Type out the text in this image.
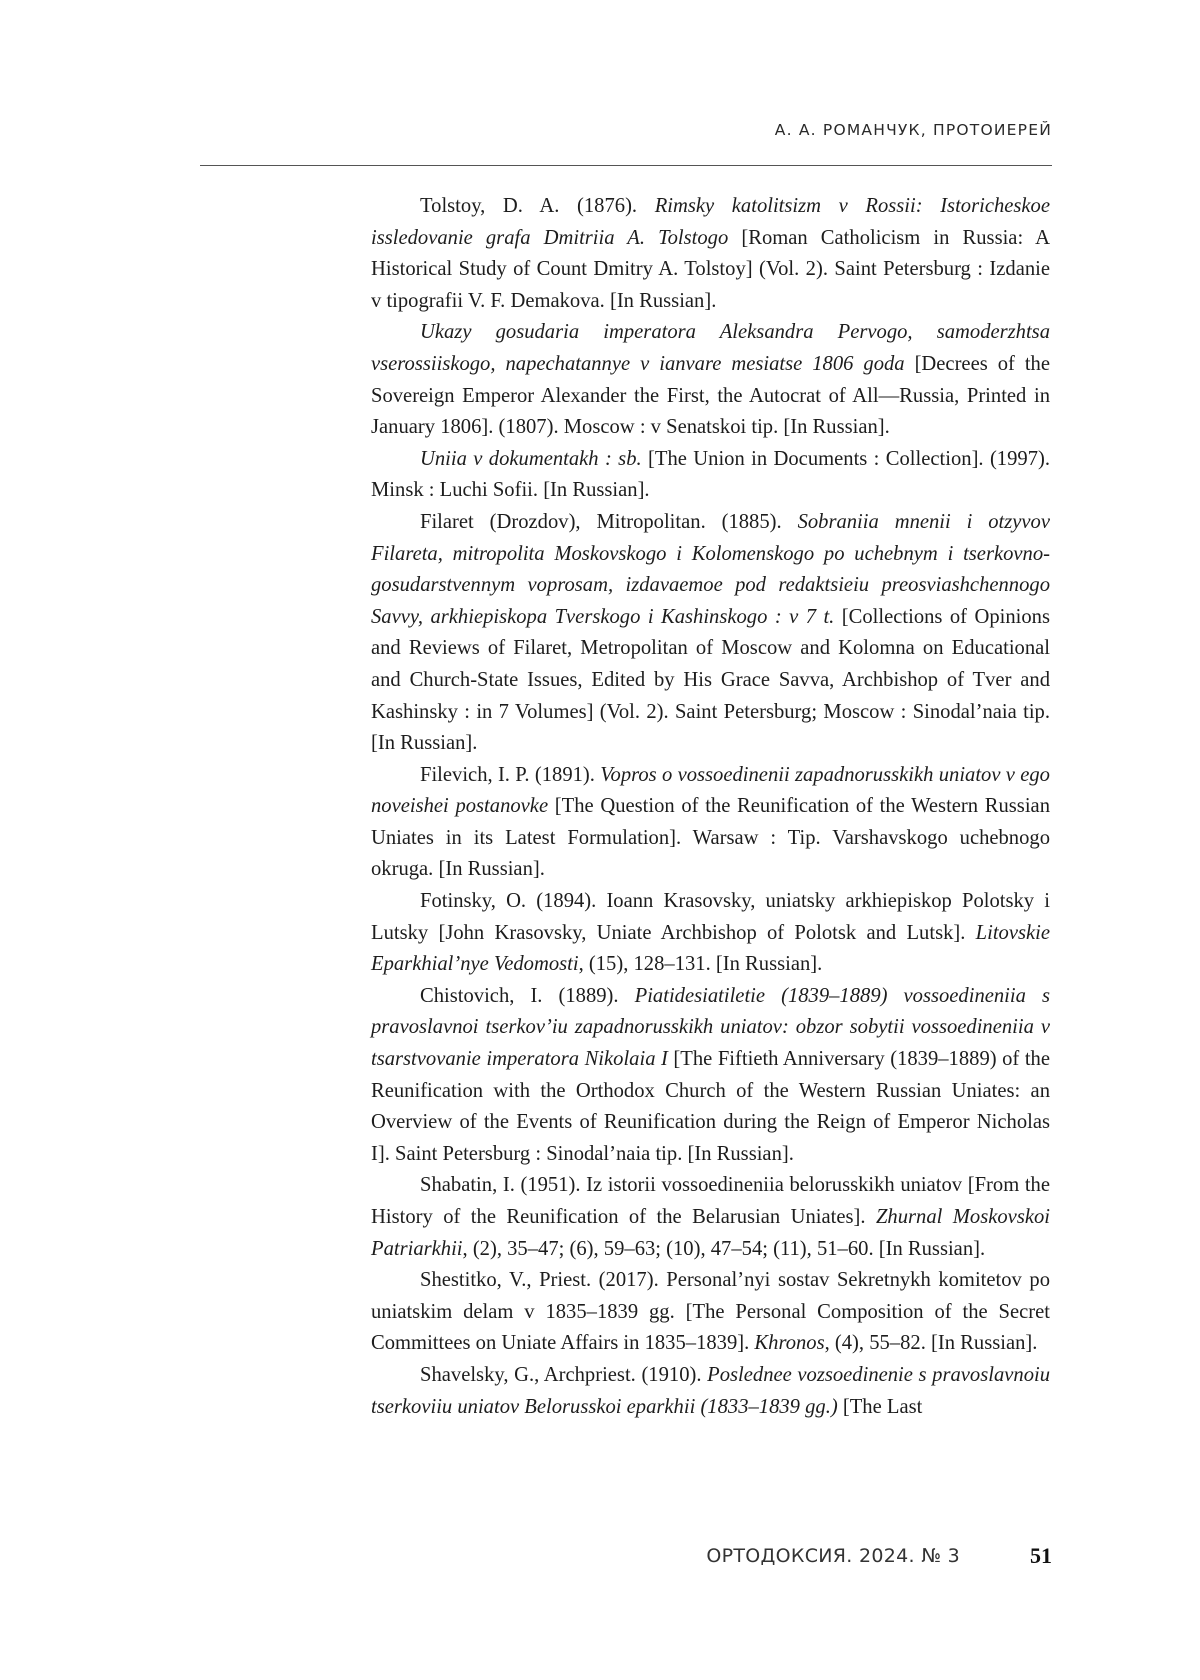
А. А. РОМАНЧУК, ПРОТОИЕРЕЙ

Tolstoy, D. A. (1876). Rimsky katolitsizm v Rossii: Istoricheskoe issledovanie grafa Dmitriia A. Tolstogo [Roman Catholicism in Russia: A Historical Study of Count Dmitry A. Tolstoy] (Vol. 2). Saint Petersburg : Izdanie v tipografii V. F. Demakova. [In Russian].

Ukazy gosudaria imperatora Aleksandra Pervogo, samoderzhtsa vserossiiskogo, napechatannye v ianvare mesiatse 1806 goda [Decrees of the Sovereign Emperor Alexander the First, the Autocrat of All—Russia, Printed in January 1806]. (1807). Moscow : v Senatskoi tip. [In Russian].

Uniia v dokumentakh : sb. [The Union in Documents : Collection]. (1997). Minsk : Luchi Sofii. [In Russian].

Filaret (Drozdov), Mitropolitan. (1885). Sobraniia mnenii i otzyvov Filareta, mitropolita Moskovskogo i Kolomenskogo po uchebnym i tserkovno-gosudarstvennym voprosam, izdavaemoe pod redaktsieiu preosviashchennogo Savvy, arkhiepiskopa Tverskogo i Kashinskogo : v 7 t. [Collections of Opinions and Reviews of Filaret, Metropolitan of Moscow and Kolomna on Educational and Church-State Issues, Edited by His Grace Savva, Archbishop of Tver and Kashinsky : in 7 Volumes] (Vol. 2). Saint Petersburg; Moscow : Sinodal’naia tip. [In Russian].

Filevich, I. P. (1891). Vopros o vossoedinenii zapadnorusskikh uniatov v ego noveishei postanovke [The Question of the Reunification of the Western Russian Uniates in its Latest Formulation]. Warsaw : Tip. Varshavskogo uchebnogo okruga. [In Russian].

Fotinsky, O. (1894). Ioann Krasovsky, uniatsky arkhiepiskop Polotsky i Lutsky [John Krasovsky, Uniate Archbishop of Polotsk and Lutsk]. Litovskie Eparkhial’nye Vedomosti, (15), 128–131. [In Russian].

Chistovich, I. (1889). Piatidesiatiletie (1839–1889) vossoedineniia s pravoslavnoi tserkov’iu zapadnorusskikh uniatov: obzor sobytii vossoedineniia v tsarstvovanie imperatora Nikolaia I [The Fiftieth Anniversary (1839–1889) of the Reunification with the Orthodox Church of the Western Russian Uniates: an Overview of the Events of Reunification during the Reign of Emperor Nicholas I]. Saint Petersburg : Sinodal’naia tip. [In Russian].

Shabatin, I. (1951). Iz istorii vossoedineniia belorusskikh uniatov [From the History of the Reunification of the Belarusian Uniates]. Zhurnal Moskovskoi Patriarkhii, (2), 35–47; (6), 59–63; (10), 47–54; (11), 51–60. [In Russian].

Shestitko, V., Priest. (2017). Personal’nyi sostav Sekretnykh komitetov po uniatskim delam v 1835–1839 gg. [The Personal Composition of the Secret Committees on Uniate Affairs in 1835–1839]. Khronos, (4), 55–82. [In Russian].

Shavelsky, G., Archpriest. (1910). Poslednee vozsoedinenie s pravoslavnoiu tserkoviiu uniatov Belorusskoi eparkhii (1833–1839 gg.) [The Last

ОРТОДОКСИЯ. 2024. № 3	51
